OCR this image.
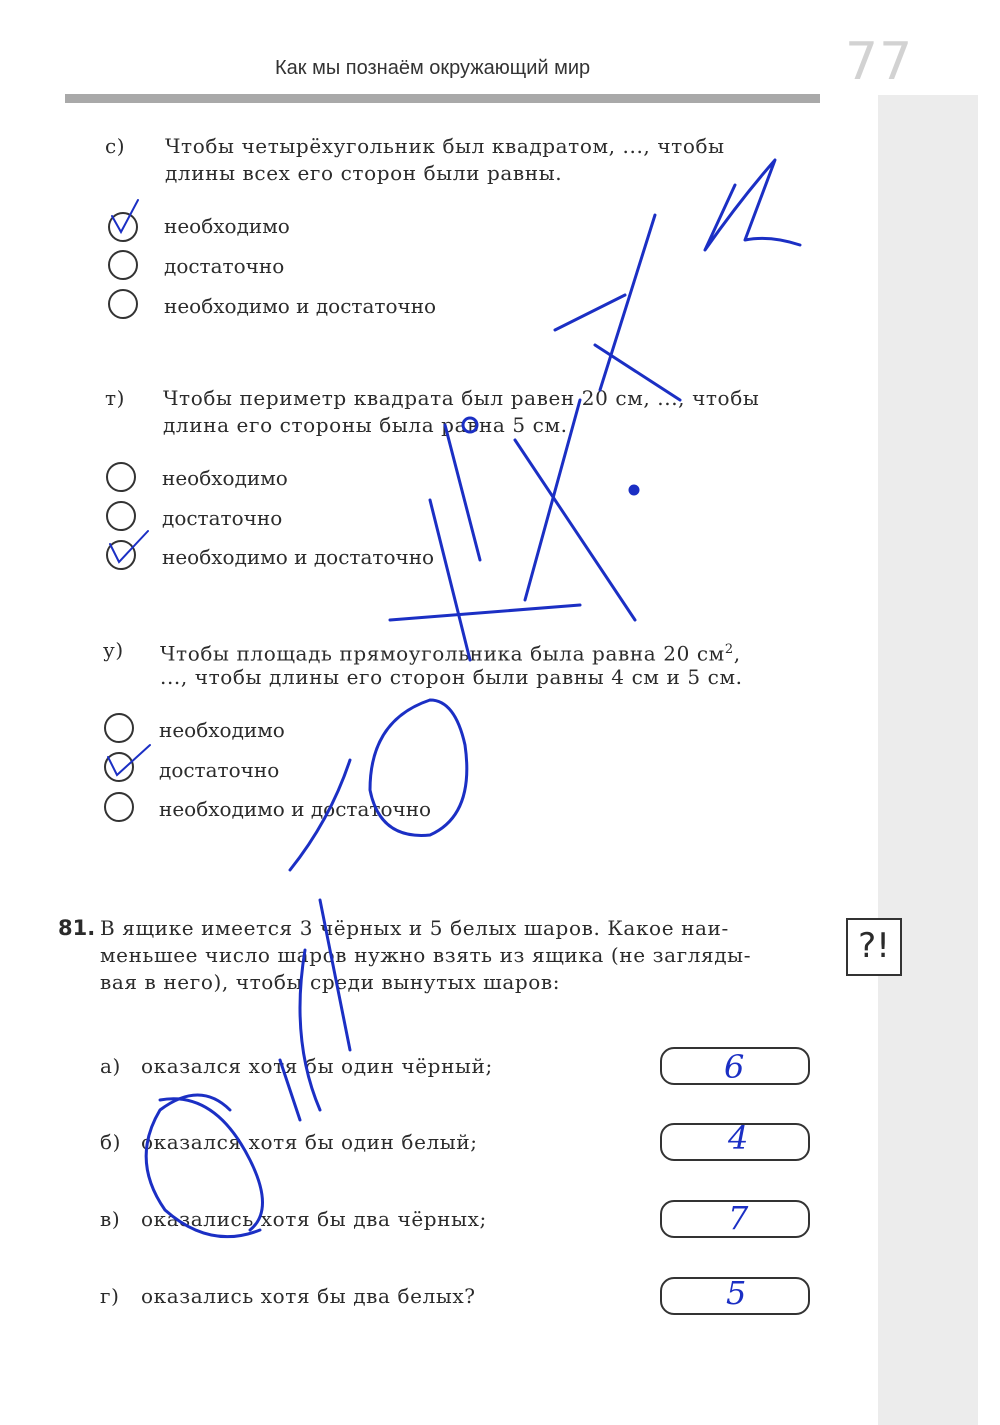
Как мы познаём окружающий мир	77
с) Чтобы четырёхугольник был квадратом, ..., чтобы
длины всех его сторон были равны.
необходимо
достаточно
необходимо и достаточно
т) Чтобы периметр квадрата был равен 20 см, ..., чтобы
длина его стороны была равна 5 см.
необходимо
достаточно
необходимо и достаточно
у) Чтобы площадь прямоугольника была равна 20 $см^2$,
..., чтобы длины его сторон были равны 4 см и 5 см.
необходимо
достаточно
необходимо и достаточно
81. В ящике имеется 3 чёрных и 5 белых шаров. Какое наи-
меньшее число шаров нужно взять из ящика (не загляды-
вая в него), чтобы среди вынутых шаров:
?!
а) оказался хотя бы один чёрный;	6
б) оказался хотя бы один белый;	4
в) оказались хотя бы два чёрных;	7
г) оказались хотя бы два белых?	5
